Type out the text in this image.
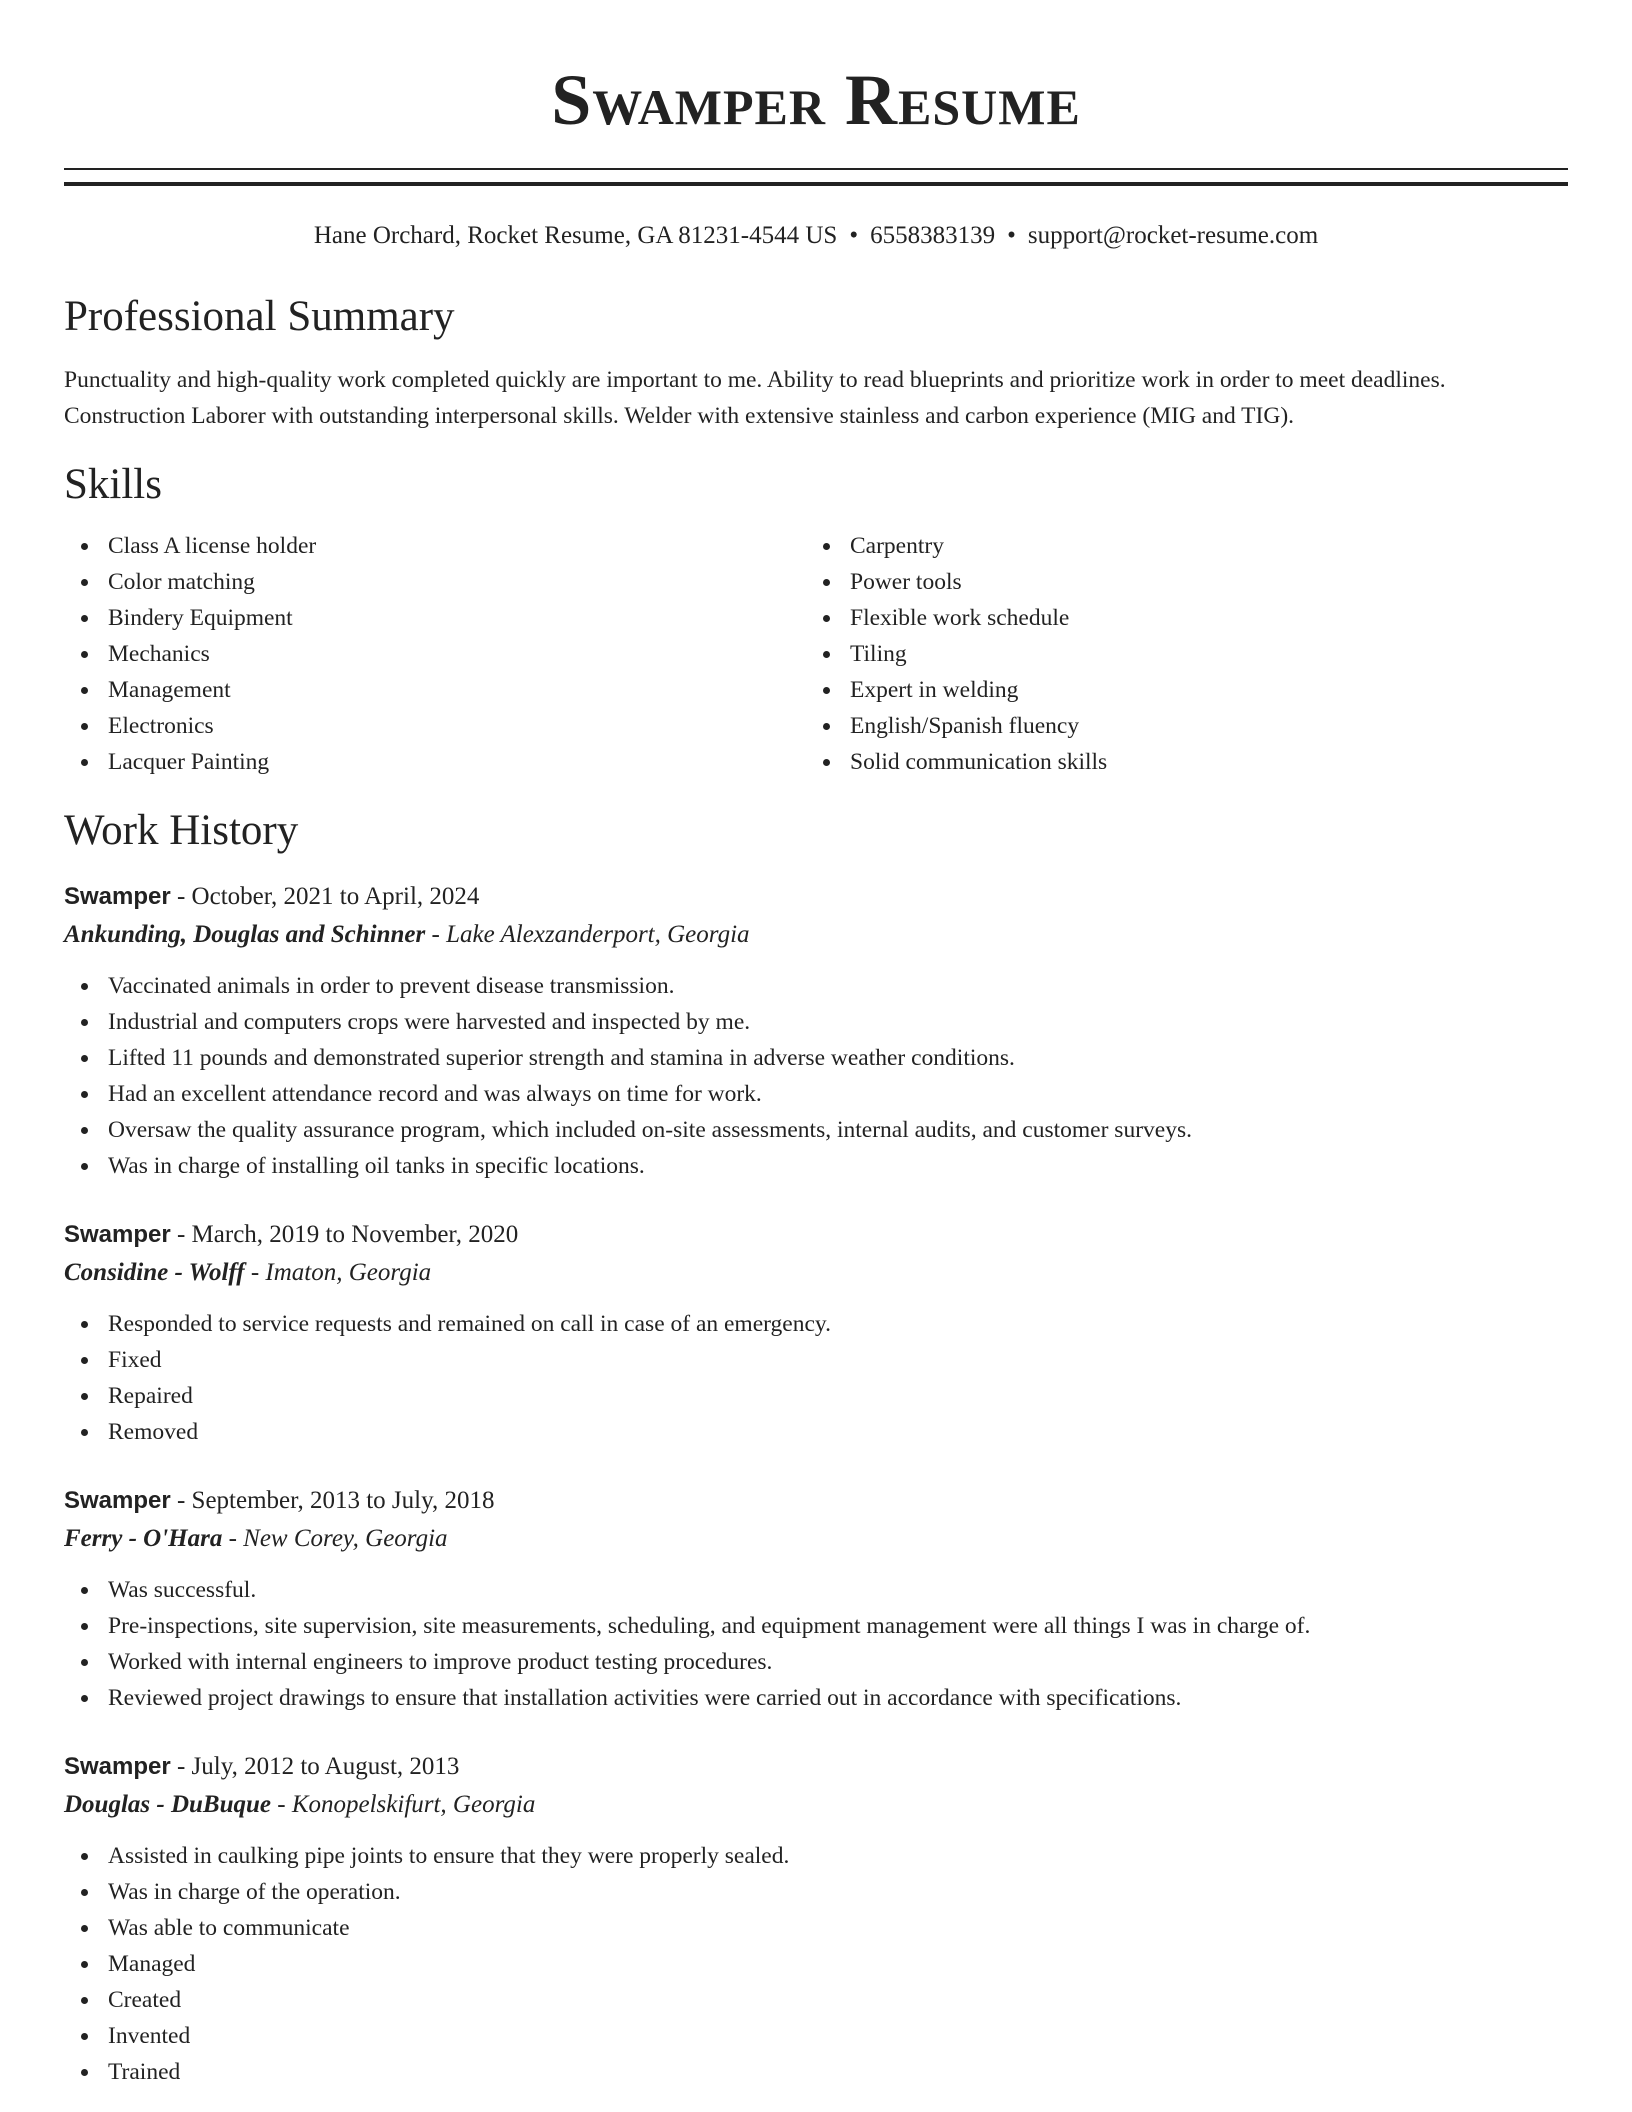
Swamper Resume
Hane Orchard, Rocket Resume, GA 81231-4544 US • 6558383139 • support@rocket-resume.com
Professional Summary

Punctuality and high-quality work completed quickly are important to me. Ability to read blueprints and prioritize work in order to meet deadlines. Construction Laborer with outstanding interpersonal skills. Welder with extensive stainless and carbon experience (MIG and TIG).

Skills
Class A license holder
Color matching
Bindery Equipment
Mechanics
Management
Electronics
Lacquer Painting
Carpentry
Power tools
Flexible work schedule
Tiling
Expert in welding
English/Spanish fluency
Solid communication skills
Work History
Swamper - October, 2021 to April, 2024
Ankunding, Douglas and Schinner - Lake Alexzanderport, Georgia
Vaccinated animals in order to prevent disease transmission.
Industrial and computers crops were harvested and inspected by me.
Lifted 11 pounds and demonstrated superior strength and stamina in adverse weather conditions.
Had an excellent attendance record and was always on time for work.
Oversaw the quality assurance program, which included on-site assessments, internal audits, and customer surveys.
Was in charge of installing oil tanks in specific locations.
Swamper - March, 2019 to November, 2020
Considine - Wolff - Imaton, Georgia
Responded to service requests and remained on call in case of an emergency.
Fixed
Repaired
Removed
Swamper - September, 2013 to July, 2018
Ferry - O'Hara - New Corey, Georgia
Was successful.
Pre-inspections, site supervision, site measurements, scheduling, and equipment management were all things I was in charge of.
Worked with internal engineers to improve product testing procedures.
Reviewed project drawings to ensure that installation activities were carried out in accordance with specifications.
Swamper - July, 2012 to August, 2013
Douglas - DuBuque - Konopelskifurt, Georgia
Assisted in caulking pipe joints to ensure that they were properly sealed.
Was in charge of the operation.
Was able to communicate
Managed
Created
Invented
Trained
